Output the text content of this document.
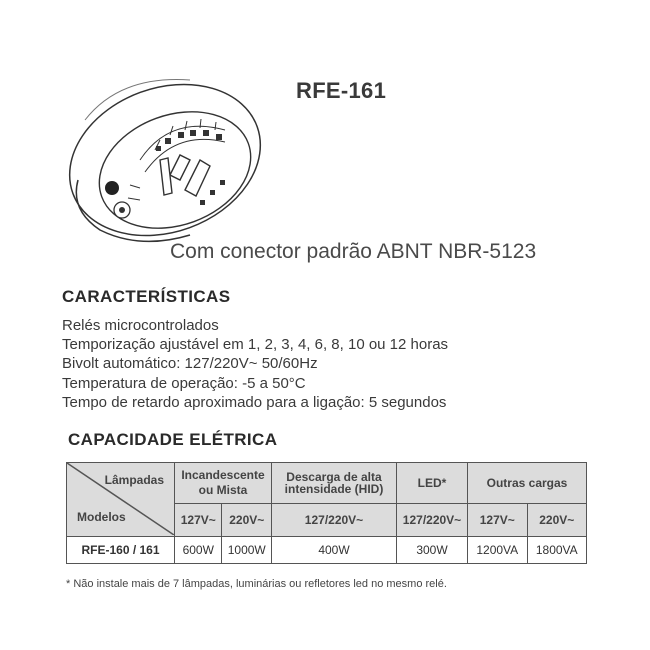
RFE-161
Com conector padrão ABNT NBR-5123
CARACTERÍSTICAS
Relés microcontrolados
Temporização ajustável em 1, 2, 3, 4, 6, 8, 10 ou 12 horas
Bivolt automático: 127/220V~ 50/60Hz
Temperatura de operação: -5 a 50°C
Tempo de retardo aproximado para a ligação: 5 segundos
CAPACIDADE ELÉTRICA
Lâmpadas
Modelos	Incandescente ou Mista		Descarga de alta intensidade (HID)	LED*	Outras cargas	
	127V~	220V~	127/220V~	127/220V~	127V~	220V~
RFE-160 / 161	600W	1000W	400W	300W	1200VA	1800VA
* Não instale mais de 7 lâmpadas, luminárias ou refletores led no mesmo relé.
